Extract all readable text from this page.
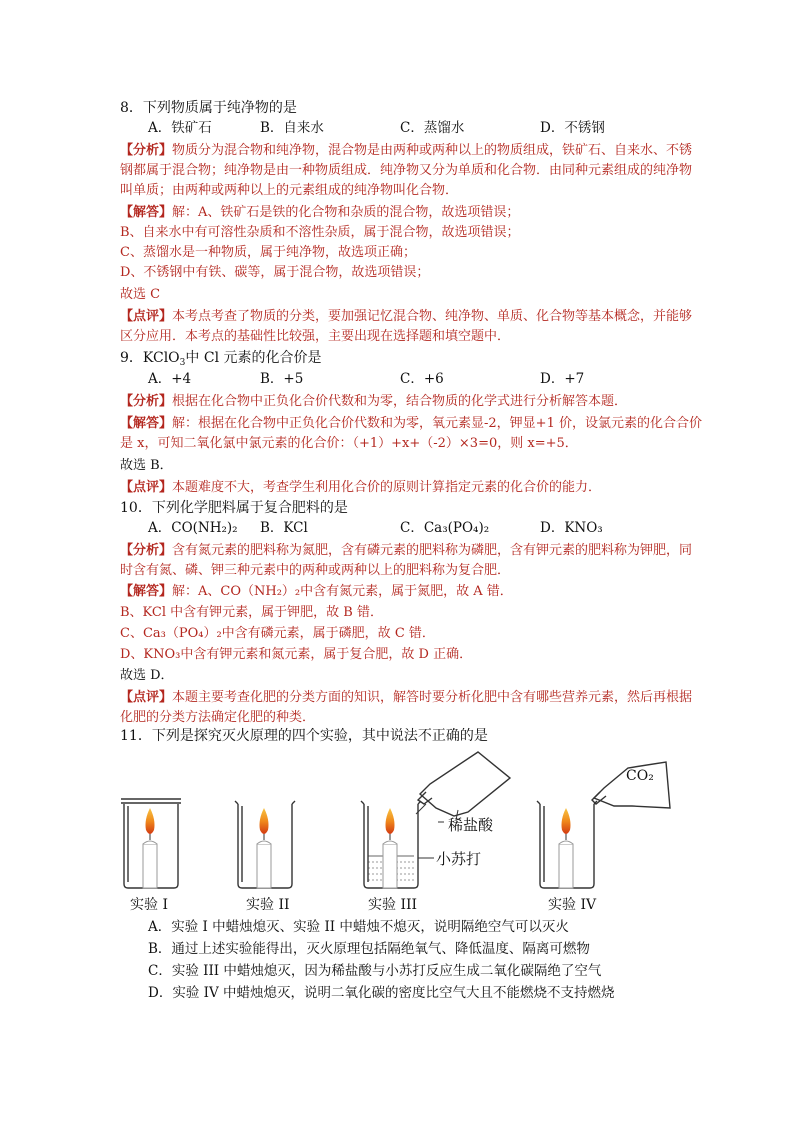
8．下列物质属于纯净物的是
A．铁矿石	B．自来水	C．蒸馏水	D．不锈钢
【分析】物质分为混合物和纯净物，混合物是由两种或两种以上的物质组成，铁矿石、自来水、不锈
钢都属于混合物；纯净物是由一种物质组成．纯净物又分为单质和化合物．由同种元素组成的纯净物
叫单质；由两种或两种以上的元素组成的纯净物叫化合物．
【解答】解：A、铁矿石是铁的化合物和杂质的混合物，故选项错误；
B、自来水中有可溶性杂质和不溶性杂质，属于混合物，故选项错误；
C、蒸馏水是一种物质，属于纯净物，故选项正确；
D、不锈钢中有铁、碳等，属于混合物，故选项错误；
故选 C
【点评】本考点考查了物质的分类，要加强记忆混合物、纯净物、单质、化合物等基本概念，并能够
区分应用．本考点的基础性比较强，主要出现在选择题和填空题中．
9．KClO$_3$中 Cl 元素的化合价是
A．+4	B．+5	C．+6	D．+7
【分析】根据在化合物中正负化合价代数和为零，结合物质的化学式进行分析解答本题．
【解答】解：根据在化合物中正负化合价代数和为零，氧元素显-2，钾显+1 价，设氯元素的化合合价
是 x，可知二氧化氯中氯元素的化合价：（+1）+x+（-2）×3=0，则 x=+5．
故选 B．
【点评】本题难度不大，考查学生利用化合价的原则计算指定元素的化合价的能力．
10．下列化学肥料属于复合肥料的是
A．CO(NH₂)₂ B．KCl	C．Ca₃(PO₄)₂	D．KNO₃
【分析】含有氮元素的肥料称为氮肥，含有磷元素的肥料称为磷肥，含有钾元素的肥料称为钾肥，同
时含有氮、磷、钾三种元素中的两种或两种以上的肥料称为复合肥．
【解答】解：A、CO（NH₂）₂中含有氮元素，属于氮肥，故 A 错．
B、KCl 中含有钾元素，属于钾肥，故 B 错．
C、Ca₃（PO₄）₂中含有磷元素，属于磷肥，故 C 错．
D、KNO₃中含有钾元素和氮元素，属于复合肥，故 D 正确．
故选 D．
【点评】本题主要考查化肥的分类方面的知识，解答时要分析化肥中含有哪些营养元素，然后再根据
化肥的分类方法确定化肥的种类．
11．下列是探究灭火原理的四个实验，其中说法不正确的是
稀盐酸
小苏打
CO₂
实验 I	实验 II	实验 III	实验 IV
A．实验 I 中蜡烛熄灭、实验 II 中蜡烛不熄灭，说明隔绝空气可以灭火
B．通过上述实验能得出，灭火原理包括隔绝氧气、降低温度、隔离可燃物
C．实验 III 中蜡烛熄灭，因为稀盐酸与小苏打反应生成二氧化碳隔绝了空气
D．实验 IV 中蜡烛熄灭，说明二氧化碳的密度比空气大且不能燃烧不支持燃烧
